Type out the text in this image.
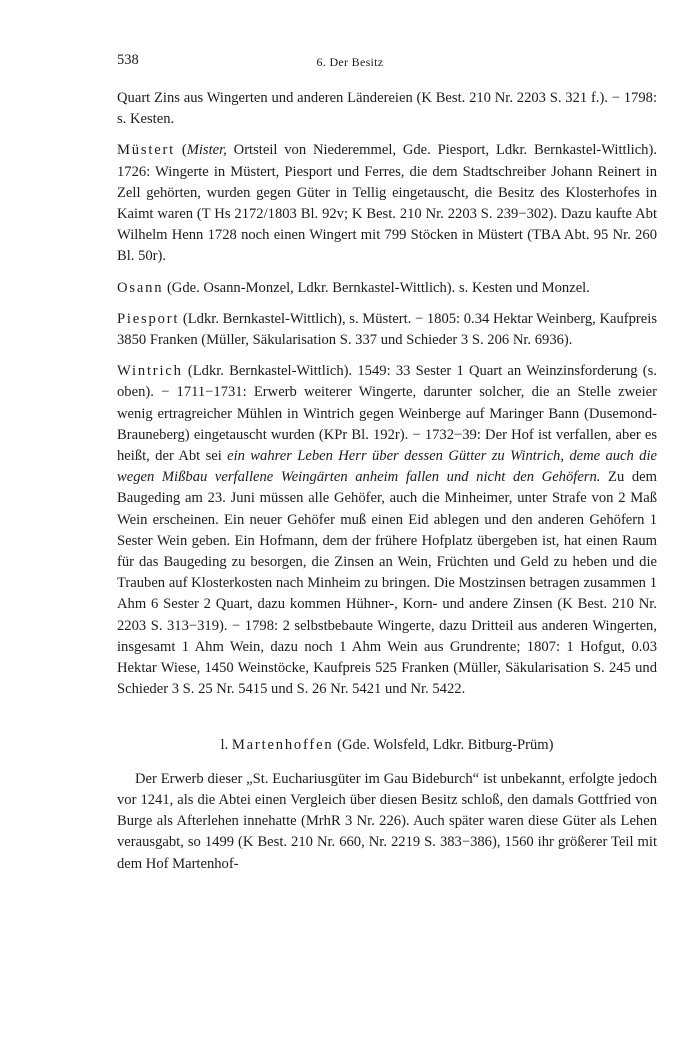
538	6. Der Besitz

Quart Zins aus Wingerten und anderen Ländereien (K Best. 210 Nr. 2203 S. 321 f.). − 1798: s. Kesten.

Müstert (Mister, Ortsteil von Niederemmel, Gde. Piesport, Ldkr. Bernkastel-Wittlich). 1726: Wingerte in Müstert, Piesport und Ferres, die dem Stadtschreiber Johann Reinert in Zell gehörten, wurden gegen Güter in Tellig eingetauscht, die Besitz des Klosterhofes in Kaimt waren (T Hs 2172/1803 Bl. 92v; K Best. 210 Nr. 2203 S. 239−302). Dazu kaufte Abt Wilhelm Henn 1728 noch einen Wingert mit 799 Stöcken in Müstert (TBA Abt. 95 Nr. 260 Bl. 50r).

Osann (Gde. Osann-Monzel, Ldkr. Bernkastel-Wittlich). s. Kesten und Monzel.

Piesport (Ldkr. Bernkastel-Wittlich), s. Müstert. − 1805: 0.34 Hektar Weinberg, Kaufpreis 3850 Franken (Müller, Säkularisation S. 337 und Schieder 3 S. 206 Nr. 6936).

Wintrich (Ldkr. Bernkastel-Wittlich). 1549: 33 Sester 1 Quart an Weinzinsforderung (s. oben). − 1711−1731: Erwerb weiterer Wingerte, darunter solcher, die an Stelle zweier wenig ertragreicher Mühlen in Wintrich gegen Weinberge auf Maringer Bann (Dusemond-Brauneberg) eingetauscht wurden (KPr Bl. 192r). − 1732−39: Der Hof ist verfallen, aber es heißt, der Abt sei ein wahrer Leben Herr über dessen Gütter zu Wintrich, deme auch die wegen Mißbau verfallene Weingärten anheim fallen und nicht den Gehöfern. Zu dem Baugeding am 23. Juni müssen alle Gehöfer, auch die Minheimer, unter Strafe von 2 Maß Wein erscheinen. Ein neuer Gehöfer muß einen Eid ablegen und den anderen Gehöfern 1 Sester Wein geben. Ein Hofmann, dem der frühere Hofplatz übergeben ist, hat einen Raum für das Baugeding zu besorgen, die Zinsen an Wein, Früchten und Geld zu heben und die Trauben auf Klosterkosten nach Minheim zu bringen. Die Mostzinsen betragen zusammen 1 Ahm 6 Sester 2 Quart, dazu kommen Hühner-, Korn- und andere Zinsen (K Best. 210 Nr. 2203 S. 313−319). − 1798: 2 selbstbebaute Wingerte, dazu Dritteil aus anderen Wingerten, insgesamt 1 Ahm Wein, dazu noch 1 Ahm Wein aus Grundrente; 1807: 1 Hofgut, 0.03 Hektar Wiese, 1450 Weinstöcke, Kaufpreis 525 Franken (Müller, Säkularisation S. 245 und Schieder 3 S. 25 Nr. 5415 und S. 26 Nr. 5421 und Nr. 5422.

l. Martenhoffen (Gde. Wolsfeld, Ldkr. Bitburg-Prüm)

Der Erwerb dieser „St. Euchariusgüter im Gau Bideburch“ ist unbekannt, erfolgte jedoch vor 1241, als die Abtei einen Vergleich über diesen Besitz schloß, den damals Gottfried von Burge als Afterlehen innehatte (MrhR 3 Nr. 226). Auch später waren diese Güter als Lehen verausgabt, so 1499 (K Best. 210 Nr. 660, Nr. 2219 S. 383−386), 1560 ihr größerer Teil mit dem Hof Martenhof-
